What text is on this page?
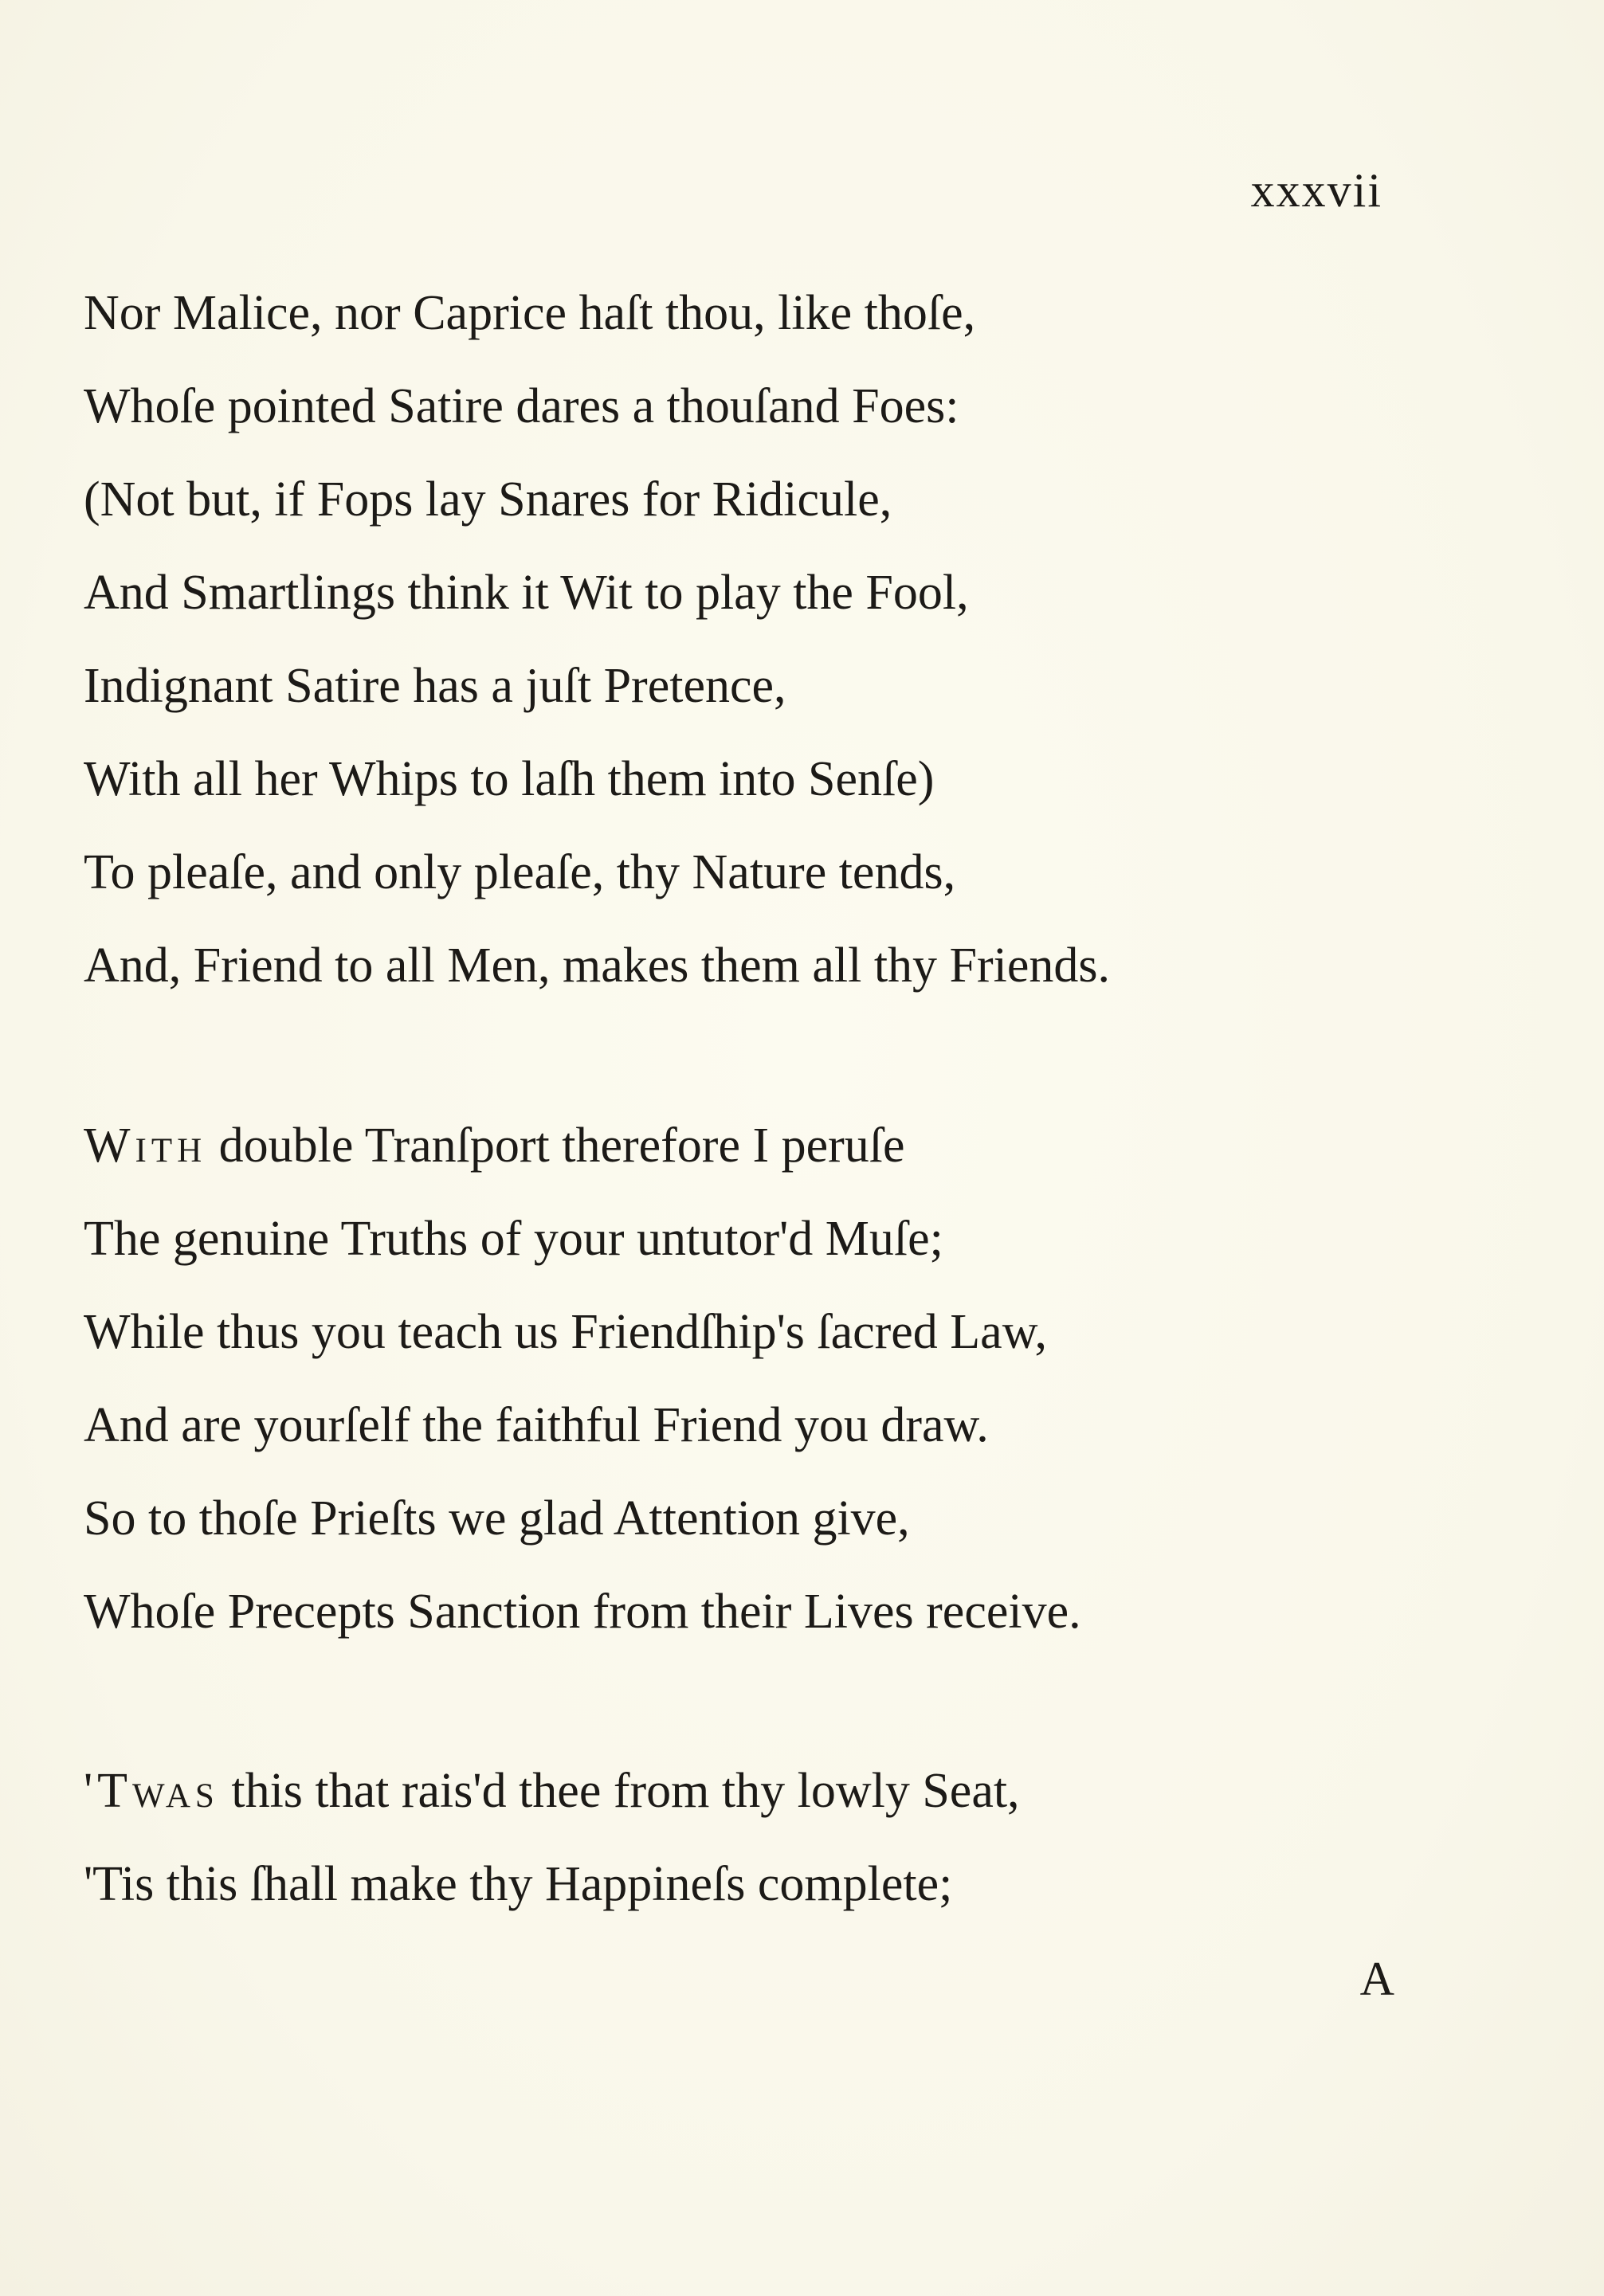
xxxvii
Nor Malice, nor Caprice haſt thou, like thoſe,
Whoſe pointed Satire dares a thouſand Foes:
(Not but, if Fops lay Snares for Ridicule,
And Smartlings think it Wit to play the Fool,
Indignant Satire has a juſt Pretence,
With all her Whips to laſh them into Senſe)
To pleaſe, and only pleaſe, thy Nature tends,
And, Friend to all Men, makes them all thy Friends.
With double Tranſport therefore I peruſe
The genuine Truths of your untutor'd Muſe;
While thus you teach us Friendſhip's ſacred Law,
And are yourſelf the faithful Friend you draw.
So to thoſe Prieſts we glad Attention give,
Whoſe Precepts Sanction from their Lives receive.
'Twas this that rais'd thee from thy lowly Seat,
'Tis this ſhall make thy Happineſs complete;
A
